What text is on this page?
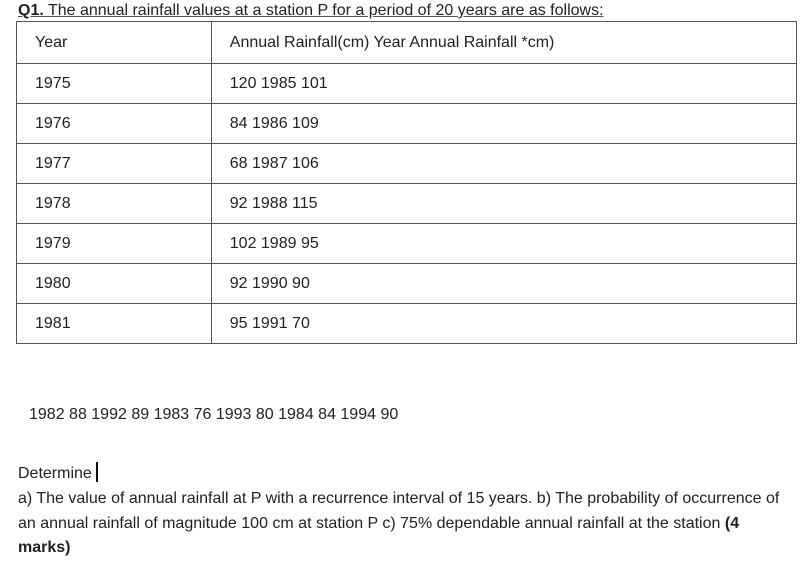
Q1. The annual rainfall values at a station P for a period of 20 years are as follows:
Year	Annual Rainfall(cm) Year Annual Rainfall *cm)
1975	120 1985 101
1976	84 1986 109
1977	68 1987 106
1978	92 1988 115
1979	102 1989 95
1980	92 1990 90
1981	95 1991 70
1982 88 1992 89 1983 76 1993 80 1984 84 1994 90
Determine
a) The value of annual rainfall at P with a recurrence interval of 15 years. b) The probability of occurrence of an annual rainfall of magnitude 100 cm at station P c) 75% dependable annual rainfall at the station (4 marks)
